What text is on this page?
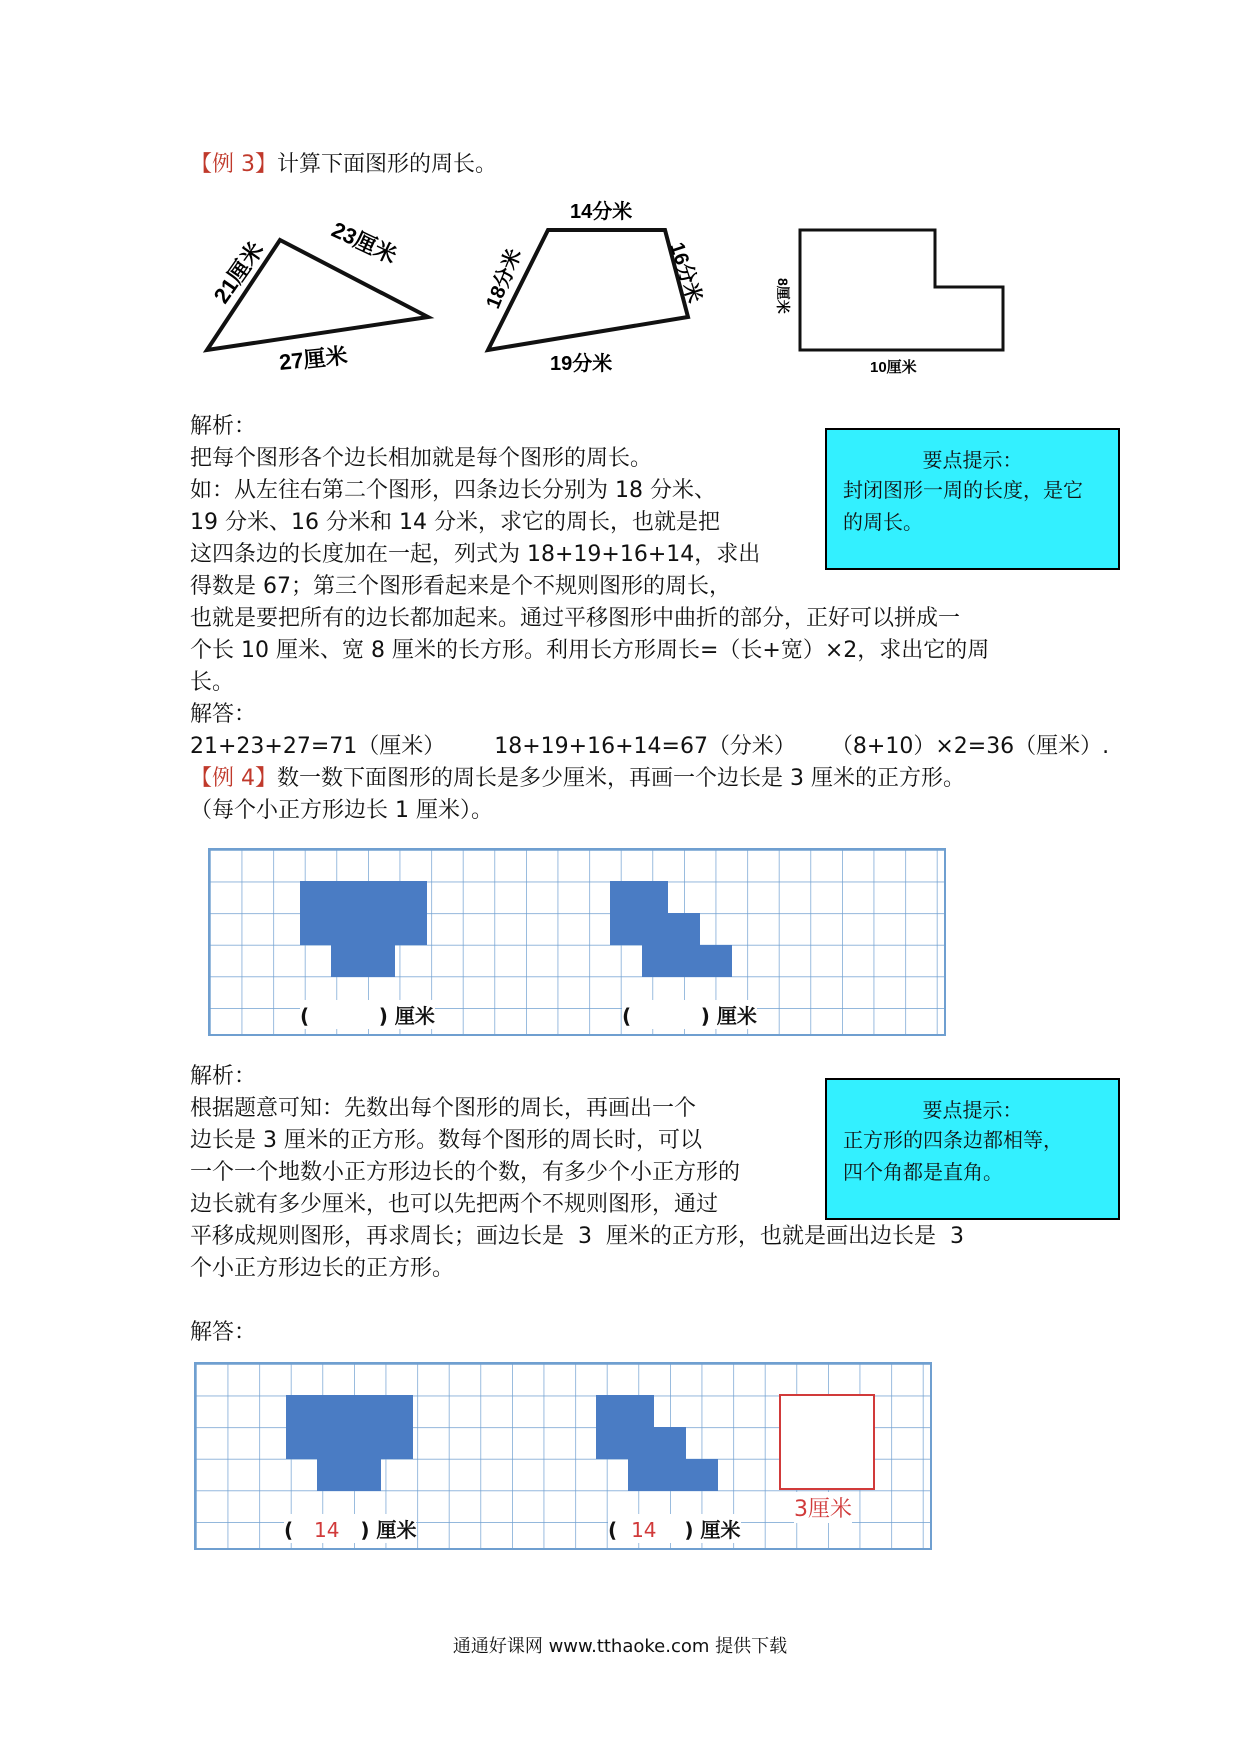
【例 3】计算下面图形的周长。
21厘米	23厘米
27厘米
14分米
18分米	16分米
19分米
8厘米
10厘米
解析：
把每个图形各个边长相加就是每个图形的周长。
如：从左往右第二个图形，四条边长分别为 18 分米、
19 分米、16 分米和 14 分米，求它的周长，也就是把
这四条边的长度加在一起，列式为 18+19+16+14，求出
得数是 67；第三个图形看起来是个不规则图形的周长，
也就是要把所有的边长都加起来。通过平移图形中曲折的部分，正好可以拼成一
个长 10 厘米、宽 8 厘米的长方形。利用长方形周长=（长+宽）×2，求出它的周
长。
要点提示：
封闭图形一周的长度，是它
的周长。
解答：
21+23+27=71（厘米）       18+19+16+14=67（分米）     （8+10）×2=36（厘米）.
【例 4】数一数下面图形的周长是多少厘米，再画一个边长是 3 厘米的正方形。
（每个小正方形边长 1 厘米）。
(          ) 厘米	(          ) 厘米
解析：
根据题意可知：先数出每个图形的周长，再画出一个
边长是 3 厘米的正方形。数每个图形的周长时，可以
一个一个地数小正方形边长的个数，有多少个小正方形的
边长就有多少厘米，也可以先把两个不规则图形，通过
平移成规则图形，再求周长；画边长是  3  厘米的正方形，也就是画出边长是  3
个小正方形边长的正方形。
要点提示：
正方形的四条边都相等，
四个角都是直角。
解答：
( 14 ) 厘米	( 14 ) 厘米
3厘米
通通好课网 www.tthaoke.com 提供下载
